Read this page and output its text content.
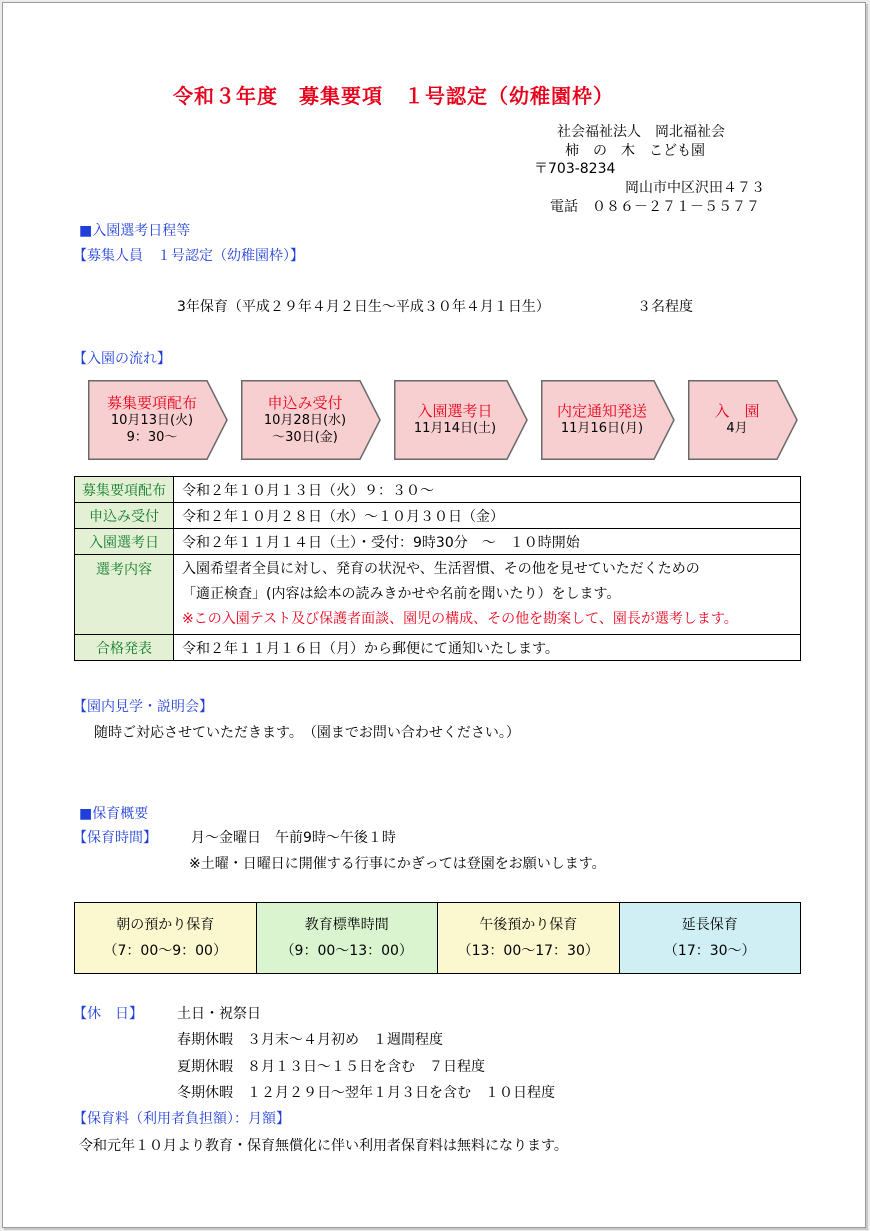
令和３年度　募集要項　１号認定（幼稚園枠）
社会福祉法人　岡北福祉会
柿　の　木　こども園
〒703-8234
岡山市中区沢田４７３
電話　０８６－２７１－５５７７
■入園選考日程等
【募集人員　１号認定（幼稚園枠）】
3年保育（平成２９年４月２日生～平成３０年４月１日生）	３名程度
【入園の流れ】
募集要項配布
10月13日(火)
9：30～
申込み受付
10月28日(水)
～30日(金)
入園選考日
11月14日(土)
内定通知発送
11月16日(月)
入　園
4月
募集要項配布	令和２年１０月１３日（火）９：３０～
申込み受付	令和２年１０月２８日（水）～１０月３０日（金）
入園選考日	令和２年１１月１４日（土）・受付：9時30分　～　１０時開始
選考内容	入園希望者全員に対し、発育の状況や、生活習慣、その他を見せていただくための
「適正検査」(内容は絵本の読みきかせや名前を聞いたり）をします。
※この入園テスト及び保護者面談、園児の構成、その他を勘案して、園長が選考します。

合格発表	令和２年１１月１６日（月）から郵便にて通知いたします。
【園内見学・説明会】
随時ご対応させていただきます。　（園までお問い合わせください。）
■保育概要
【保育時間】 月～金曜日　午前9時～午後１時
※土曜・日曜日に開催する行事にかぎっては登園をお願いします。
朝の預かり保育
（7：00～9：00）
教育標準時間
（9：00～13：00）
午後預かり保育
（13：00～17：30）
延長保育
（17：30～）
【休　日】 土日・祝祭日
春期休暇　３月末～４月初め　１週間程度
夏期休暇　８月１３日～１５日を含む　７日程度
冬期休暇　１２月２９日～翌年１月３日を含む　１０日程度
【保育料（利用者負担額）：月額】
令和元年１０月より教育・保育無償化に伴い利用者保育料は無料になります。
